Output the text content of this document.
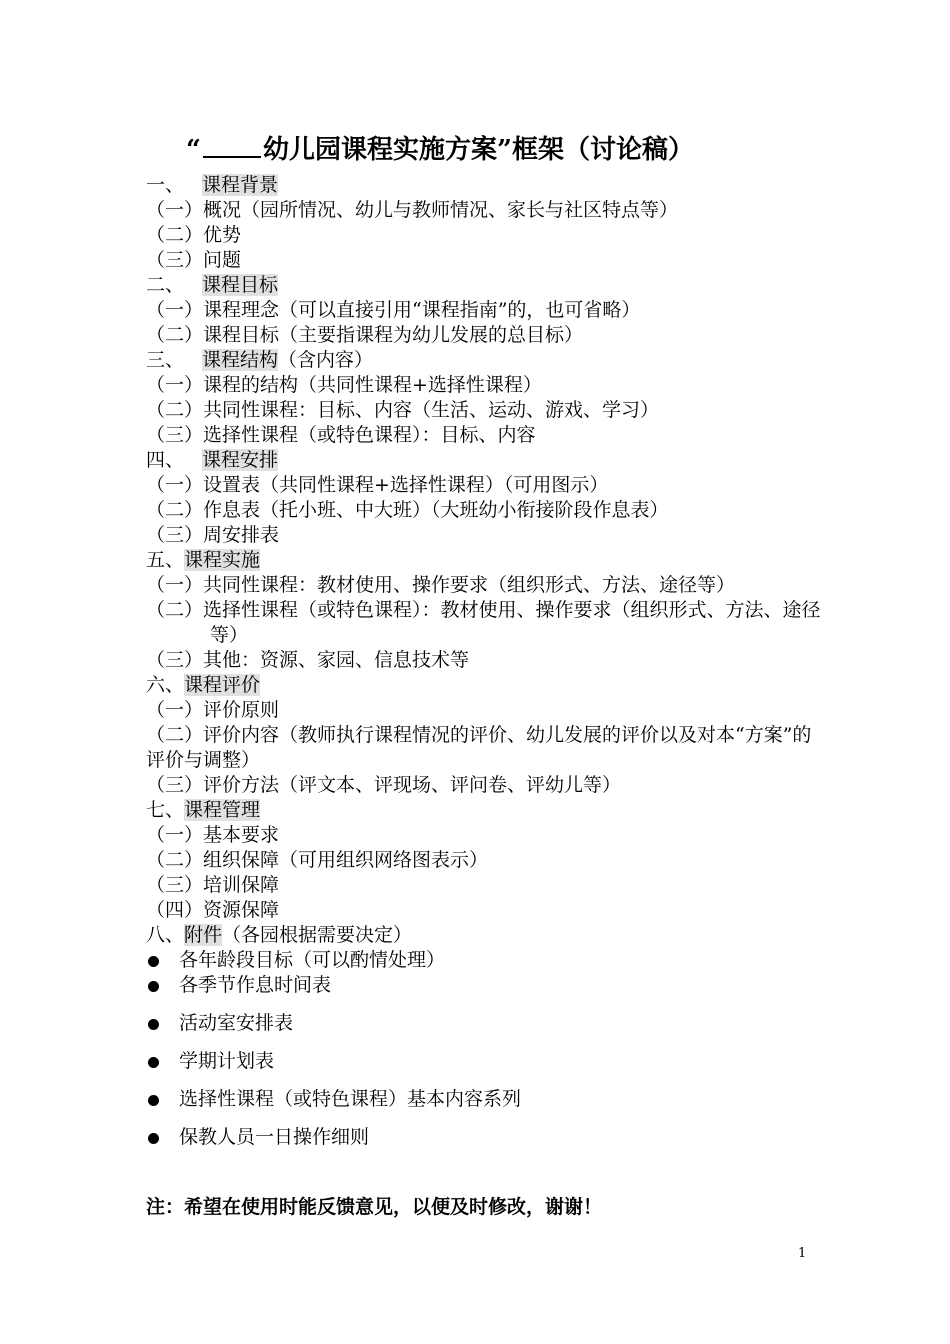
“ 幼儿园课程实施方案”框架（讨论稿）
一、 课程背景
（一）概况（园所情况、幼儿与教师情况、家长与社区特点等）
（二）优势
（三）问题
二、 课程目标
（一）课程理念（可以直接引用“课程指南”的，也可省略）
（二）课程目标（主要指课程为幼儿发展的总目标）
三、 课程结构（含内容）
（一）课程的结构（共同性课程+选择性课程）
（二）共同性课程：目标、内容（生活、运动、游戏、学习）
（三）选择性课程（或特色课程）：目标、内容
四、 课程安排
（一）设置表（共同性课程+选择性课程）（可用图示）
（二）作息表（托小班、中大班）（大班幼小衔接阶段作息表）
（三）周安排表
五、课程实施
（一）共同性课程：教材使用、操作要求（组织形式、方法、途径等）
（二）选择性课程（或特色课程）：教材使用、操作要求（组织形式、方法、途径等）
（三）其他：资源、家园、信息技术等
六、课程评价
（一）评价原则
（二）评价内容（教师执行课程情况的评价、幼儿发展的评价以及对本“方案”的评价与调整）
（三）评价方法（评文本、评现场、评问卷、评幼儿等）
七、课程管理
（一）基本要求
（二）组织保障（可用组织网络图表示）
（三）培训保障
（四）资源保障
八、附件（各园根据需要决定）
各年龄段目标（可以酌情处理）
各季节作息时间表
活动室安排表
学期计划表
选择性课程（或特色课程）基本内容系列
保教人员一日操作细则
注：希望在使用时能反馈意见，以便及时修改，谢谢！
1
